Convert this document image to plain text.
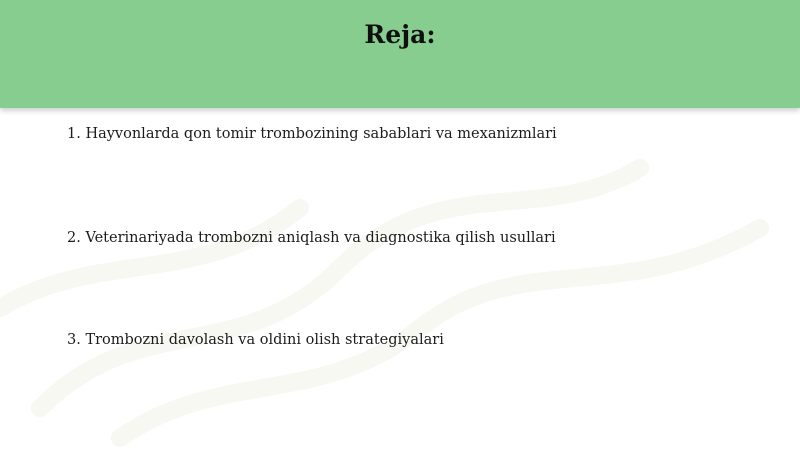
Reja:
1. Hayvonlarda qon tomir trombozining sabablari va mexanizmlari
2. Veterinariyada trombozni aniqlash va diagnostika qilish usullari
3. Trombozni davolash va oldini olish strategiyalari
